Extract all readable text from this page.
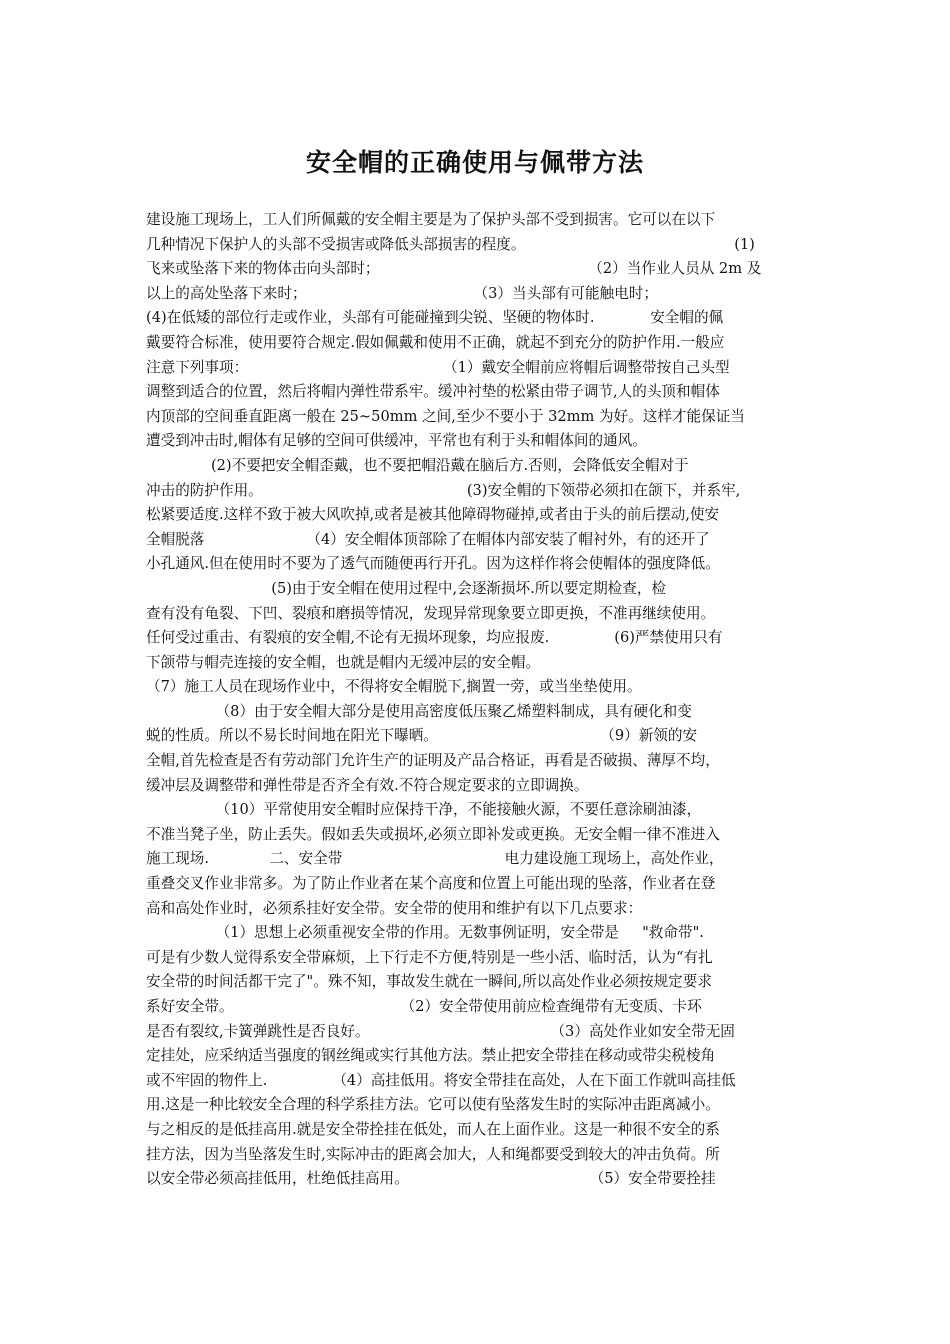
安全帽的正确使用与佩带方法
建设施工现场上，工人们所佩戴的安全帽主要是为了保护头部不受到损害。它可以在以下
几种情况下保护人的头部不受损害或降低头部损害的程度。                                             (1)
飞来或坠落下来的物体击向头部时；                                             （2）当作业人员从 2m 及
以上的高处坠落下来时；                                    （3）当头部有可能触电时；
(4)在低矮的部位行走或作业，头部有可能碰撞到尖锐、坚硬的物体时.            安全帽的佩
戴要符合标准，使用要符合规定.假如佩戴和使用不正确，就起不到充分的防护作用.一般应
注意下列事项：                                          （1）戴安全帽前应将帽后调整带按自己头型
调整到适合的位置，然后将帽内弹性带系牢。缓冲衬垫的松紧由带子调节,人的头顶和帽体
内顶部的空间垂直距离一般在 25~50mm 之间,至少不要小于 32mm 为好。这样才能保证当
遭受到冲击时,帽体有足够的空间可供缓冲，平常也有利于头和帽体间的通风。
(2)不要把安全帽歪戴，也不要把帽沿戴在脑后方.否则，会降低安全帽对于
冲击的防护作用。                                            (3)安全帽的下领带必须扣在颌下，并系牢,
松紧要适度.这样不致于被大风吹掉,或者是被其他障碍物碰掉,或者由于头的前后摆动,使安
全帽脱落                      （4）安全帽体顶部除了在帽体内部安装了帽衬外，有的还开了
小孔通风.但在使用时不要为了透气而随便再行开孔。因为这样作将会使帽体的强度降低。
(5)由于安全帽在使用过程中,会逐渐损坏.所以要定期检查，检
查有没有龟裂、下凹、裂痕和磨损等情况，发现异常现象要立即更换，不准再继续使用。
任何受过重击、有裂痕的安全帽,不论有无损坏现象，均应报废.              (6)严禁使用只有
下颌带与帽壳连接的安全帽，也就是帽内无缓冲层的安全帽。
（7）施工人员在现场作业中，不得将安全帽脱下,搁置一旁，或当坐垫使用。
（8）由于安全帽大部分是使用高密度低压聚乙烯塑料制成，具有硬化和变
蜕的性质。所以不易长时间地在阳光下曝晒。                                   （9）新领的安
全帽,首先检查是否有劳动部门允许生产的证明及产品合格证，再看是否破损、薄厚不均，
缓冲层及调整带和弹性带是否齐全有效.不符合规定要求的立即调换。
（10）平常使用安全帽时应保持干净，不能接触火源，不要任意涂刷油漆，
不准当凳子坐，防止丢失。假如丢失或损坏,必须立即补发或更换。无安全帽一律不准进入
施工现场.             二、安全带                                   电力建设施工现场上，高处作业，
重叠交叉作业非常多。为了防止作业者在某个高度和位置上可能出现的坠落，作业者在登
高和高处作业时，必须系挂好安全带。安全带的使用和维护有以下几点要求：
（1）思想上必须重视安全带的作用。无数事例证明，安全带是     "救命带".
可是有少数人觉得系安全带麻烦，上下行走不方便,特别是一些小活、临时活，认为“有扎
安全带的时间活都干完了"。殊不知，事故发生就在一瞬间,所以高处作业必须按规定要求
系好安全带。                                    （2）安全带使用前应检查绳带有无变质、卡环
是否有裂纹,卡簧弹跳性是否良好。                                       （3）高处作业如安全带无固
定挂处，应采纳适当强度的钢丝绳或实行其他方法。禁止把安全带挂在移动或带尖税棱角
或不牢固的物件上.              （4）高挂低用。将安全带挂在高处，人在下面工作就叫高挂低
用.这是一种比较安全合理的科学系挂方法。它可以使有坠落发生时的实际冲击距离减小。
与之相反的是低挂高用.就是安全带拴挂在低处，而人在上面作业。这是一种很不安全的系
挂方法，因为当坠落发生时,实际冲击的距离会加大，人和绳都要受到较大的冲击负荷。所
以安全带必须高挂低用，杜绝低挂高用。                                       （5）安全带要拴挂
